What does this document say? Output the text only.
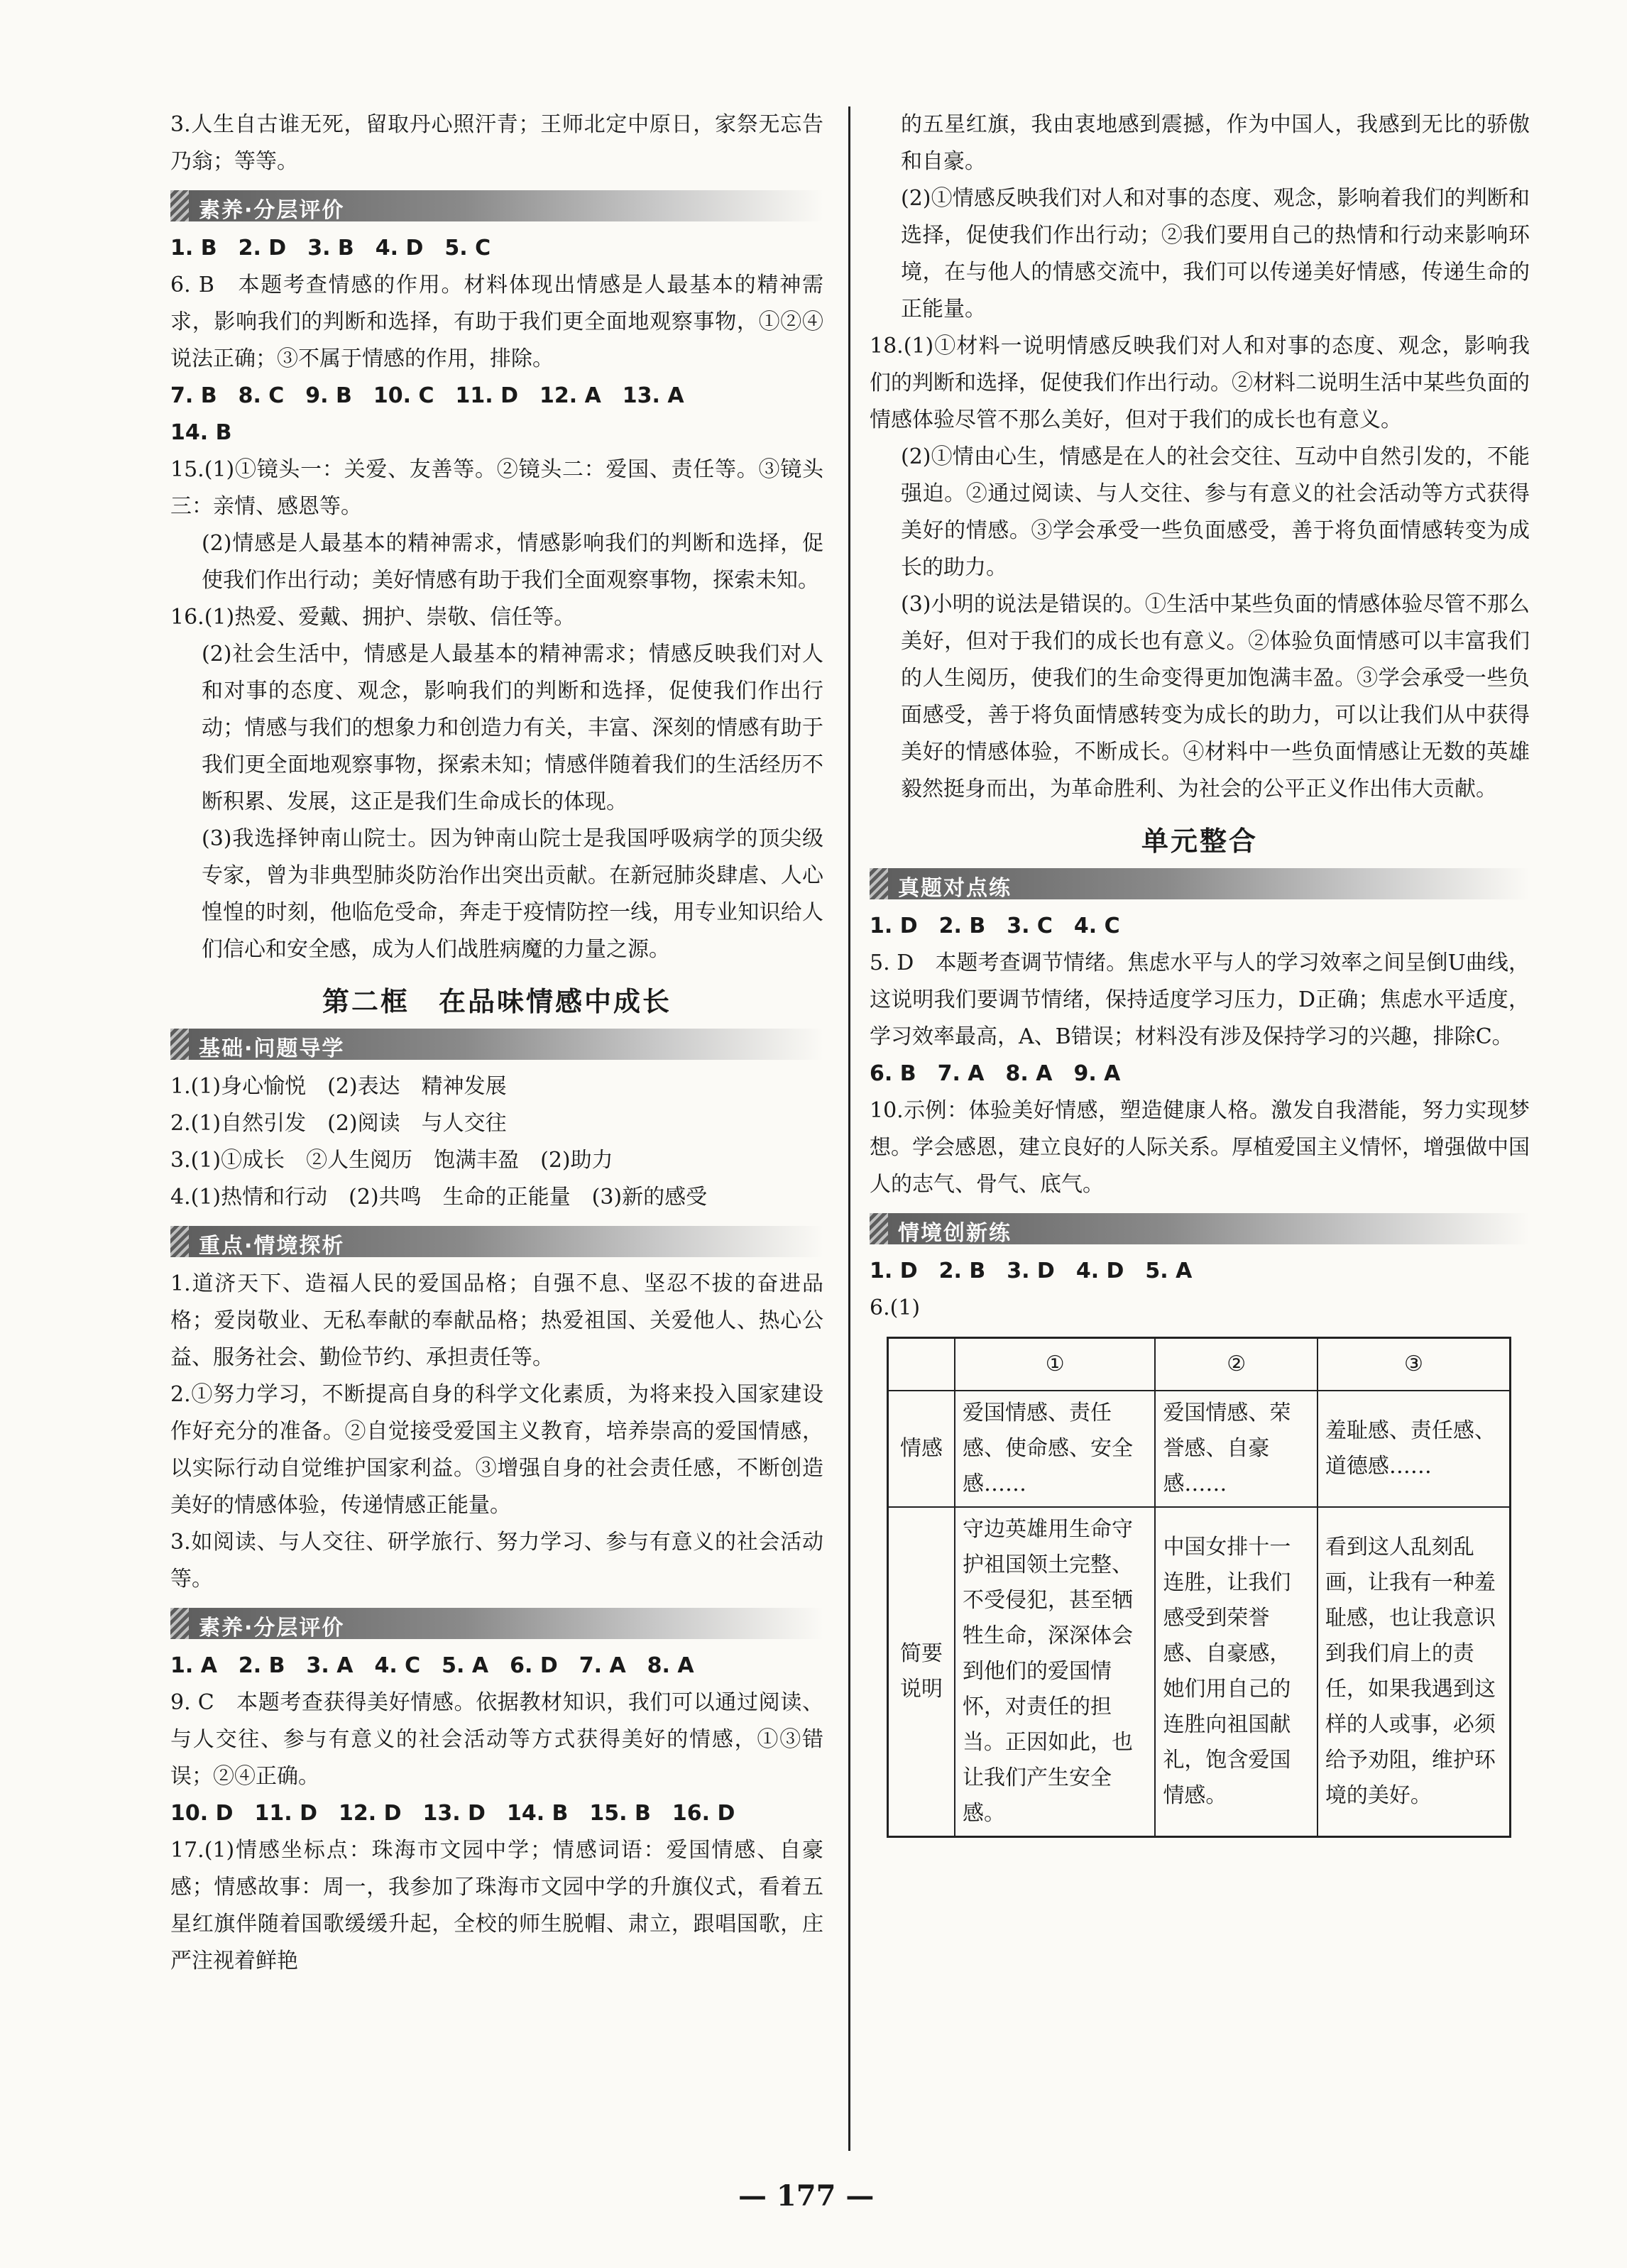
3.人生自古谁无死，留取丹心照汗青；王师北定中原日，家祭无忘告乃翁；等等。

素养·分层评价

1. B　2. D　3. B　4. D　5. C

6. B　本题考查情感的作用。材料体现出情感是人最基本的精神需求，影响我们的判断和选择，有助于我们更全面地观察事物，①②④说法正确；③不属于情感的作用，排除。

7. B　8. C　9. B　10. C　11. D　12. A　13. A

14. B

15.(1)①镜头一：关爱、友善等。②镜头二：爱国、责任等。③镜头三：亲情、感恩等。

(2)情感是人最基本的精神需求，情感影响我们的判断和选择，促使我们作出行动；美好情感有助于我们全面观察事物，探索未知。

16.(1)热爱、爱戴、拥护、崇敬、信任等。

(2)社会生活中，情感是人最基本的精神需求；情感反映我们对人和对事的态度、观念，影响我们的判断和选择，促使我们作出行动；情感与我们的想象力和创造力有关，丰富、深刻的情感有助于我们更全面地观察事物，探索未知；情感伴随着我们的生活经历不断积累、发展，这正是我们生命成长的体现。

(3)我选择钟南山院士。因为钟南山院士是我国呼吸病学的顶尖级专家，曾为非典型肺炎防治作出突出贡献。在新冠肺炎肆虐、人心惶惶的时刻，他临危受命，奔走于疫情防控一线，用专业知识给人们信心和安全感，成为人们战胜病魔的力量之源。

第二框　在品味情感中成长
基础·问题导学

1.(1)身心愉悦　(2)表达　精神发展

2.(1)自然引发　(2)阅读　与人交往

3.(1)①成长　②人生阅历　饱满丰盈　(2)助力

4.(1)热情和行动　(2)共鸣　生命的正能量　(3)新的感受

重点·情境探析

1.道济天下、造福人民的爱国品格；自强不息、坚忍不拔的奋进品格；爱岗敬业、无私奉献的奉献品格；热爱祖国、关爱他人、热心公益、服务社会、勤俭节约、承担责任等。

2.①努力学习，不断提高自身的科学文化素质，为将来投入国家建设作好充分的准备。②自觉接受爱国主义教育，培养崇高的爱国情感，以实际行动自觉维护国家利益。③增强自身的社会责任感，不断创造美好的情感体验，传递情感正能量。

3.如阅读、与人交往、研学旅行、努力学习、参与有意义的社会活动等。

素养·分层评价

1. A　2. B　3. A　4. C　5. A　6. D　7. A　8. A

9. C　本题考查获得美好情感。依据教材知识，我们可以通过阅读、与人交往、参与有意义的社会活动等方式获得美好的情感，①③错误；②④正确。

10. D　11. D　12. D　13. D　14. B　15. B　16. D

17.(1)情感坐标点：珠海市文园中学；情感词语：爱国情感、自豪感；情感故事：周一，我参加了珠海市文园中学的升旗仪式，看着五星红旗伴随着国歌缓缓升起，全校的师生脱帽、肃立，跟唱国歌，庄严注视着鲜艳

的五星红旗，我由衷地感到震撼，作为中国人，我感到无比的骄傲和自豪。

(2)①情感反映我们对人和对事的态度、观念，影响着我们的判断和选择，促使我们作出行动；②我们要用自己的热情和行动来影响环境，在与他人的情感交流中，我们可以传递美好情感，传递生命的正能量。

18.(1)①材料一说明情感反映我们对人和对事的态度、观念，影响我们的判断和选择，促使我们作出行动。②材料二说明生活中某些负面的情感体验尽管不那么美好，但对于我们的成长也有意义。

(2)①情由心生，情感是在人的社会交往、互动中自然引发的，不能强迫。②通过阅读、与人交往、参与有意义的社会活动等方式获得美好的情感。③学会承受一些负面感受，善于将负面情感转变为成长的助力。

(3)小明的说法是错误的。①生活中某些负面的情感体验尽管不那么美好，但对于我们的成长也有意义。②体验负面情感可以丰富我们的人生阅历，使我们的生命变得更加饱满丰盈。③学会承受一些负面感受，善于将负面情感转变为成长的助力，可以让我们从中获得美好的情感体验，不断成长。④材料中一些负面情感让无数的英雄毅然挺身而出，为革命胜利、为社会的公平正义作出伟大贡献。

单元整合
真题对点练

1. D　2. B　3. C　4. C

5. D　本题考查调节情绪。焦虑水平与人的学习效率之间呈倒U曲线，这说明我们要调节情绪，保持适度学习压力，D正确；焦虑水平适度，学习效率最高，A、B错误；材料没有涉及保持学习的兴趣，排除C。

6. B　7. A　8. A　9. A

10.示例：体验美好情感，塑造健康人格。激发自我潜能，努力实现梦想。学会感恩，建立良好的人际关系。厚植爱国主义情怀，增强做中国人的志气、骨气、底气。

情境创新练

1. D　2. B　3. D　4. D　5. A

6.(1)

	①	②	③
情感	爱国情感、责任感、使命感、安全感……	爱国情感、荣誉感、自豪感……	羞耻感、责任感、道德感……
简要说明	守边英雄用生命守护祖国领土完整、不受侵犯，甚至牺牲生命，深深体会到他们的爱国情怀，对责任的担当。正因如此，也让我们产生安全感。	中国女排十一连胜，让我们感受到荣誉感、自豪感，她们用自己的连胜向祖国献礼，饱含爱国情感。	看到这人乱刻乱画，让我有一种羞耻感，也让我意识到我们肩上的责任，如果我遇到这样的人或事，必须给予劝阻，维护环境的美好。
— 177 —
